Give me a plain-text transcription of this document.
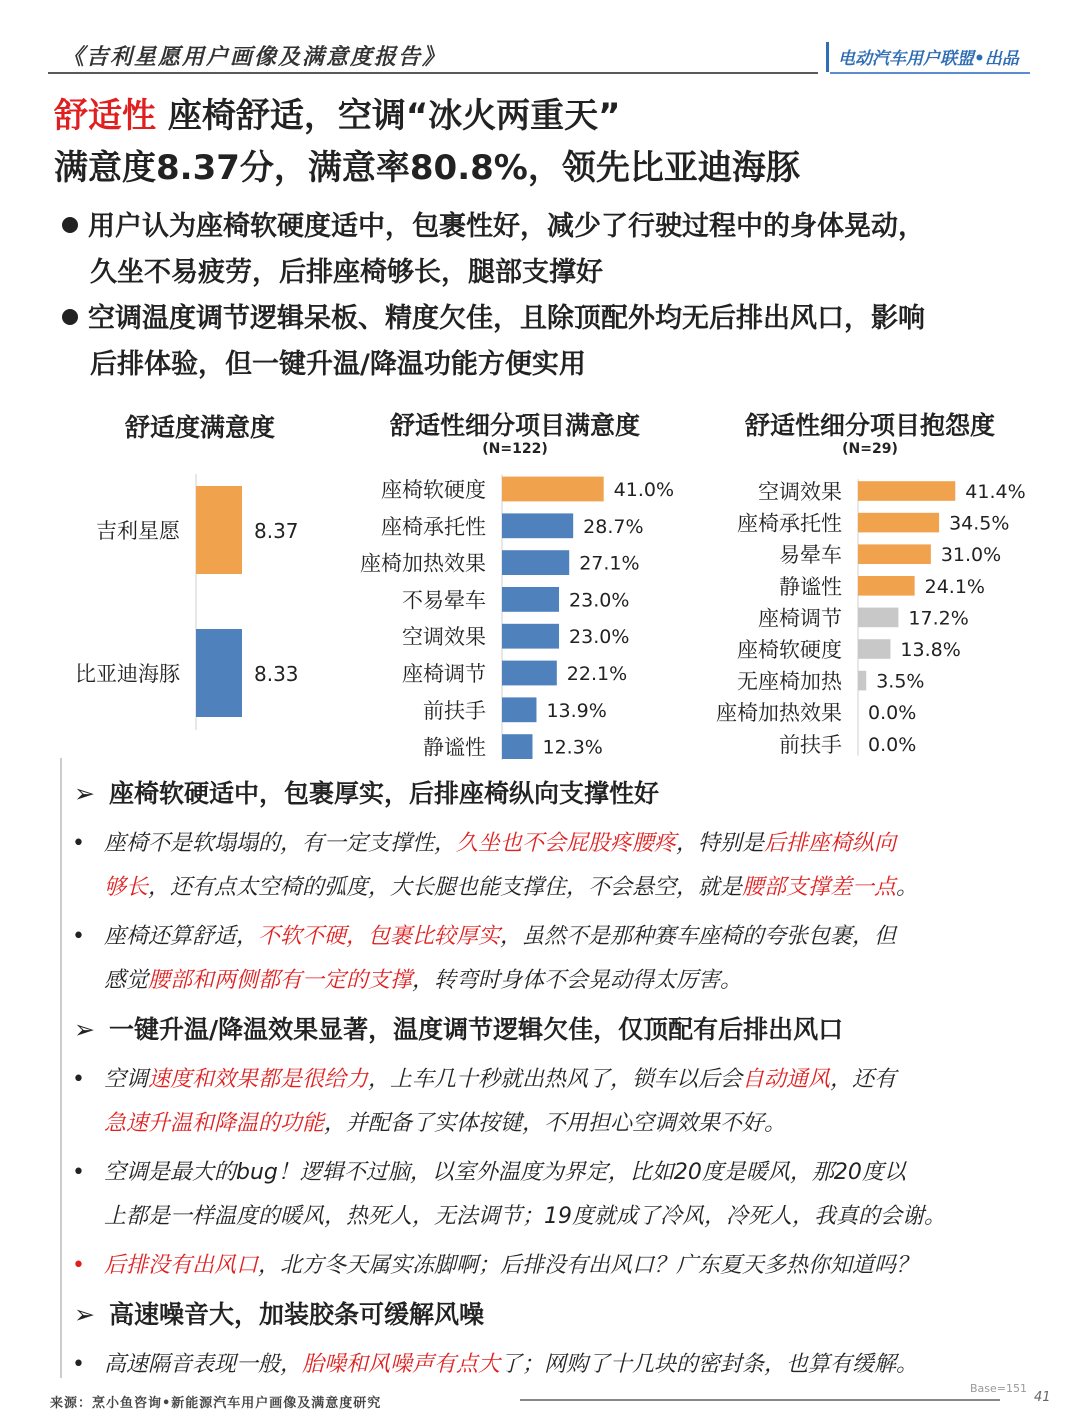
《吉利星愿用户画像及满意度报告》	电动汽车用户联盟•出品
舒适性 座椅舒适，空调“冰火两重天”
满意度8.37分，满意率80.8%，领先比亚迪海豚
用户认为座椅软硬度适中，包裹性好，减少了行驶过程中的身体晃动，
久坐不易疲劳，后排座椅够长，腿部支撑好
空调温度调节逻辑呆板、精度欠佳，且除顶配外均无后排出风口，影响
后排体验，但一键升温/降温功能方便实用
舒适度满意度	舒适性细分项目满意度
(N=122)
舒适性细分项目抱怨度
(N=29)
吉利星愿	8.37
比亚迪海豚	8.33
座椅软硬度	41.0%
座椅承托性	28.7%
座椅加热效果	27.1%
不易晕车	23.0%
空调效果	23.0%
座椅调节	22.1%
前扶手	13.9%
静谧性	12.3%
空调效果	41.4%
座椅承托性	34.5%
易晕车	31.0%
静谧性	24.1%
座椅调节	17.2%
座椅软硬度	13.8%
无座椅加热 3.5%
座椅加热效果 0.0%
前扶手 0.0%
➢ 座椅软硬适中，包裹厚实，后排座椅纵向支撑性好
• 座椅不是软塌塌的，有一定支撑性，久坐也不会屁股疼腰疼，特别是后排座椅纵向
够长，还有点太空椅的弧度，大长腿也能支撑住，不会悬空，就是腰部支撑差一点。
• 座椅还算舒适，不软不硬，包裹比较厚实，虽然不是那种赛车座椅的夸张包裹，但
感觉腰部和两侧都有一定的支撑，转弯时身体不会晃动得太厉害。
➢ 一键升温/降温效果显著，温度调节逻辑欠佳，仅顶配有后排出风口
• 空调速度和效果都是很给力，上车几十秒就出热风了，锁车以后会自动通风，还有
急速升温和降温的功能，并配备了实体按键，不用担心空调效果不好。
• 空调是最大的bug！逻辑不过脑，以室外温度为界定，比如20度是暖风，那20度以
上都是一样温度的暖风，热死人，无法调节；19度就成了冷风，冷死人，我真的会谢。
• 后排没有出风口，北方冬天属实冻脚啊；后排没有出风口？广东夏天多热你知道吗？
➢ 高速噪音大，加装胶条可缓解风噪
• 高速隔音表现一般，胎噪和风噪声有点大了；网购了十几块的密封条，也算有缓解。
来源：烹小鱼咨询•新能源汽车用户画像及满意度研究
Base=151
41
